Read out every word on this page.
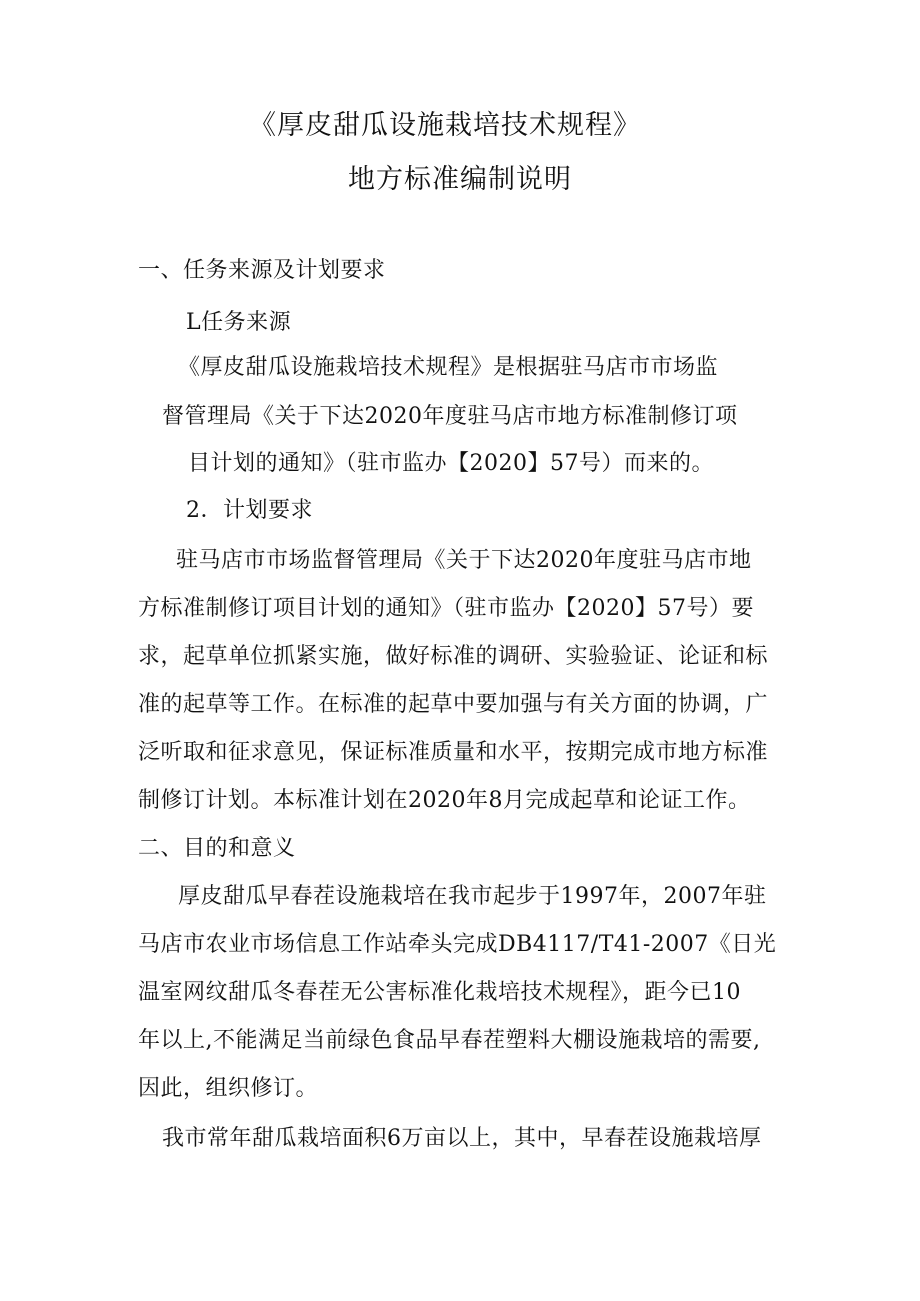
《厚皮甜瓜设施栽培技术规程》
地方标准编制说明
一、任务来源及计划要求
L任务来源
《厚皮甜瓜设施栽培技术规程》是根据驻马店市市场监
督管理局《关于下达2020年度驻马店市地方标准制修订项
目计划的通知》（驻市监办【2020】57号）而来的。
2．计划要求
驻马店市市场监督管理局《关于下达2020年度驻马店市地
方标准制修订项目计划的通知》（驻市监办【2020】57号）要
求，起草单位抓紧实施，做好标准的调研、实验验证、论证和标
准的起草等工作。在标准的起草中要加强与有关方面的协调，广
泛听取和征求意见，保证标准质量和水平，按期完成市地方标准
制修订计划。本标准计划在2020年8月完成起草和论证工作。
二、目的和意义
厚皮甜瓜早春茬设施栽培在我市起步于1997年，2007年驻
马店市农业市场信息工作站牵头完成DB4117/T41-2007《日光
温室网纹甜瓜冬春茬无公害标准化栽培技术规程》，距今已10
年以上,不能满足当前绿色食品早春茬塑料大棚设施栽培的需要,
因此，组织修订。
我市常年甜瓜栽培面积6万亩以上，其中，早春茬设施栽培厚
